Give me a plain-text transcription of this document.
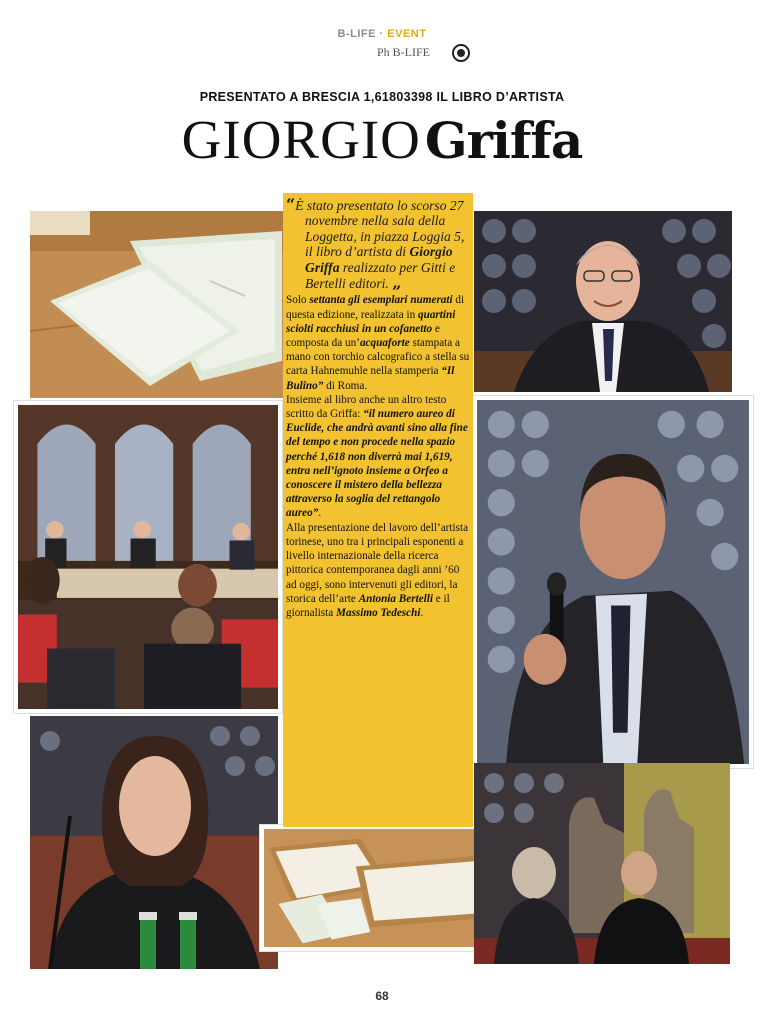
B-LIFE · EVENT
Ph B-LIFE
PRESENTATO A BRESCIA 1,61803398 IL LIBRO D’ARTISTA
GIORGIO Griffa
“È stato presentato lo scorso 27 novembre nella sala della Loggetta, in piazza Loggia 5, il libro d’artista di Giorgio Griffa realizzato per Gitti e Bertelli editori. „

Solo settanta gli esemplari numerati di questa edizione, realizzata in quartini sciolti racchiusi in un cofanetto e composta da un’acquaforte stampata a mano con torchio calcografico a stella su carta Hahnemuhle nella stamperia “Il Bulino” di Roma.

Insieme al libro anche un altro testo scritto da Griffa: “il numero aureo di Euclide, che andrà avanti sino alla fine del tempo e non procede nella spazio perché 1,618 non diverrà mai 1,619, entra nell’ignoto insieme a Orfeo a conoscere il mistero della bellezza attraverso la soglia del rettangolo aureo”.

Alla presentazione del lavoro dell’artista torinese, uno tra i principali esponenti a livello internazionale della ricerca pittorica contemporanea dagli anni ’60 ad oggi, sono intervenuti gli editori, la storica dell’arte Antonia Bertelli e il giornalista Massimo Tedeschi.

68
